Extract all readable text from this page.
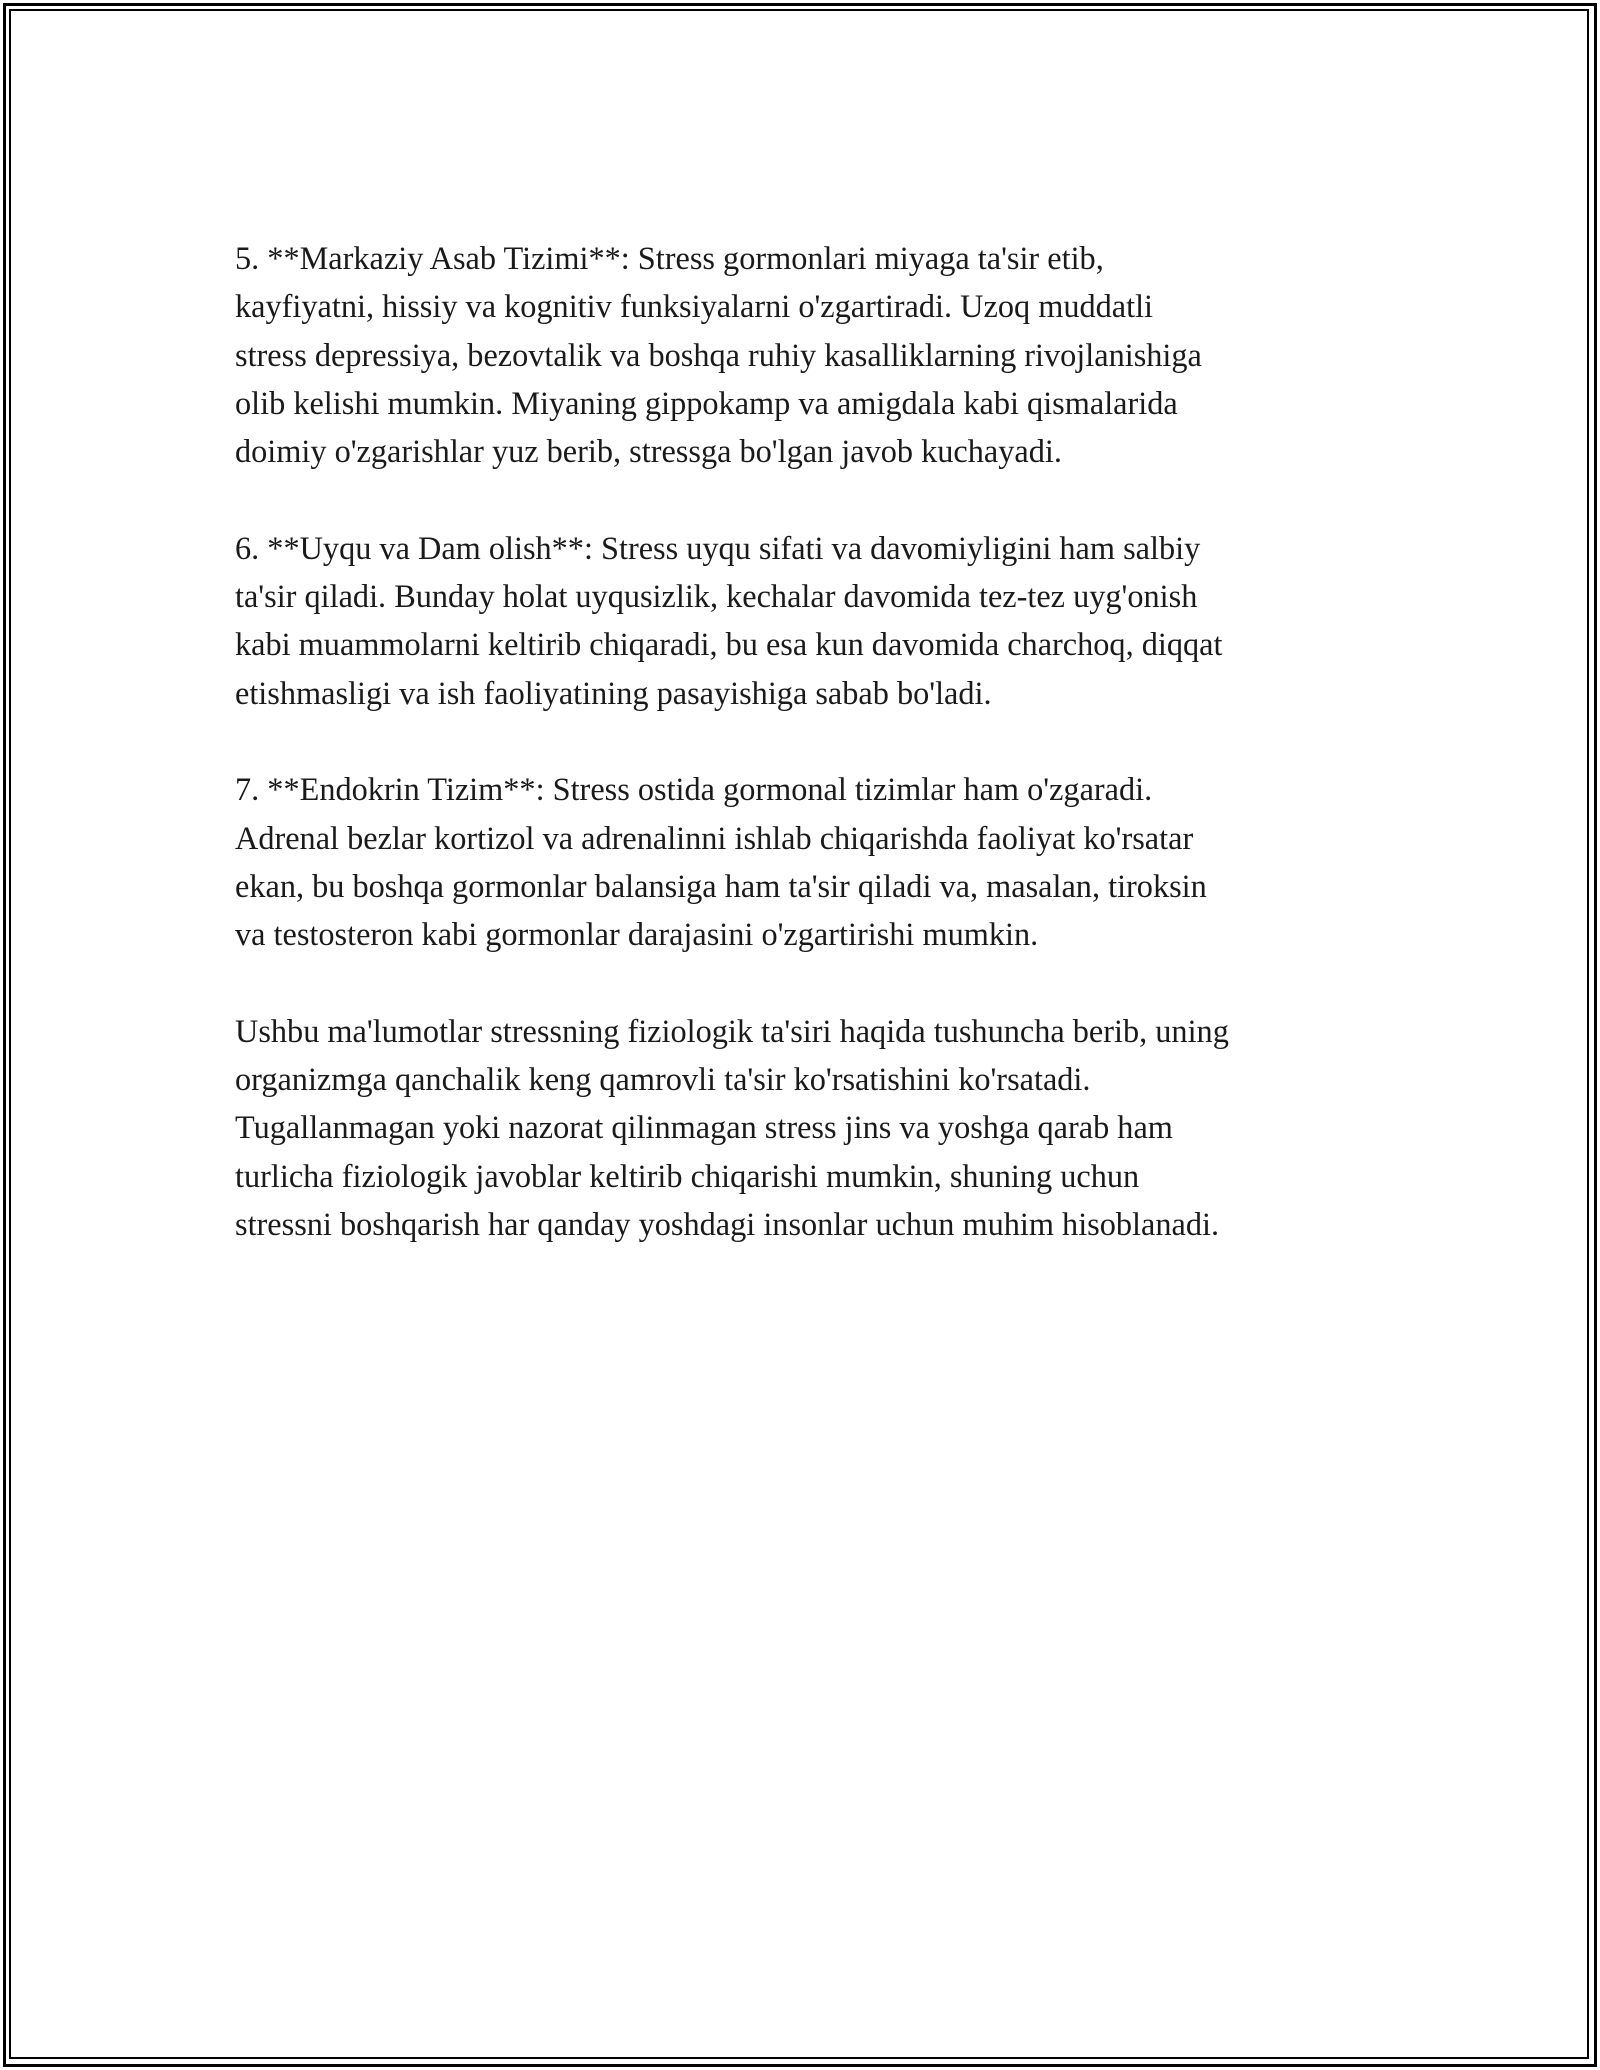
5. **Markaziy Asab Tizimi**: Stress gormonlari miyaga ta'sir etib,
kayfiyatni, hissiy va kognitiv funksiyalarni o'zgartiradi. Uzoq muddatli
stress depressiya, bezovtalik va boshqa ruhiy kasalliklarning rivojlanishiga
olib kelishi mumkin. Miyaning gippokamp va amigdala kabi qismalarida
doimiy o'zgarishlar yuz berib, stressga bo'lgan javob kuchayadi.

6. **Uyqu va Dam olish**: Stress uyqu sifati va davomiyligini ham salbiy
ta'sir qiladi. Bunday holat uyqusizlik, kechalar davomida tez-tez uyg'onish
kabi muammolarni keltirib chiqaradi, bu esa kun davomida charchoq, diqqat
etishmasligi va ish faoliyatining pasayishiga sabab bo'ladi.

7. **Endokrin Tizim**: Stress ostida gormonal tizimlar ham o'zgaradi.
Adrenal bezlar kortizol va adrenalinni ishlab chiqarishda faoliyat ko'rsatar
ekan, bu boshqa gormonlar balansiga ham ta'sir qiladi va, masalan, tiroksin
va testosteron kabi gormonlar darajasini o'zgartirishi mumkin.

Ushbu ma'lumotlar stressning fiziologik ta'siri haqida tushuncha berib, uning
organizmga qanchalik keng qamrovli ta'sir ko'rsatishini ko'rsatadi.
Tugallanmagan yoki nazorat qilinmagan stress jins va yoshga qarab ham
turlicha fiziologik javoblar keltirib chiqarishi mumkin, shuning uchun
stressni boshqarish har qanday yoshdagi insonlar uchun muhim hisoblanadi.
